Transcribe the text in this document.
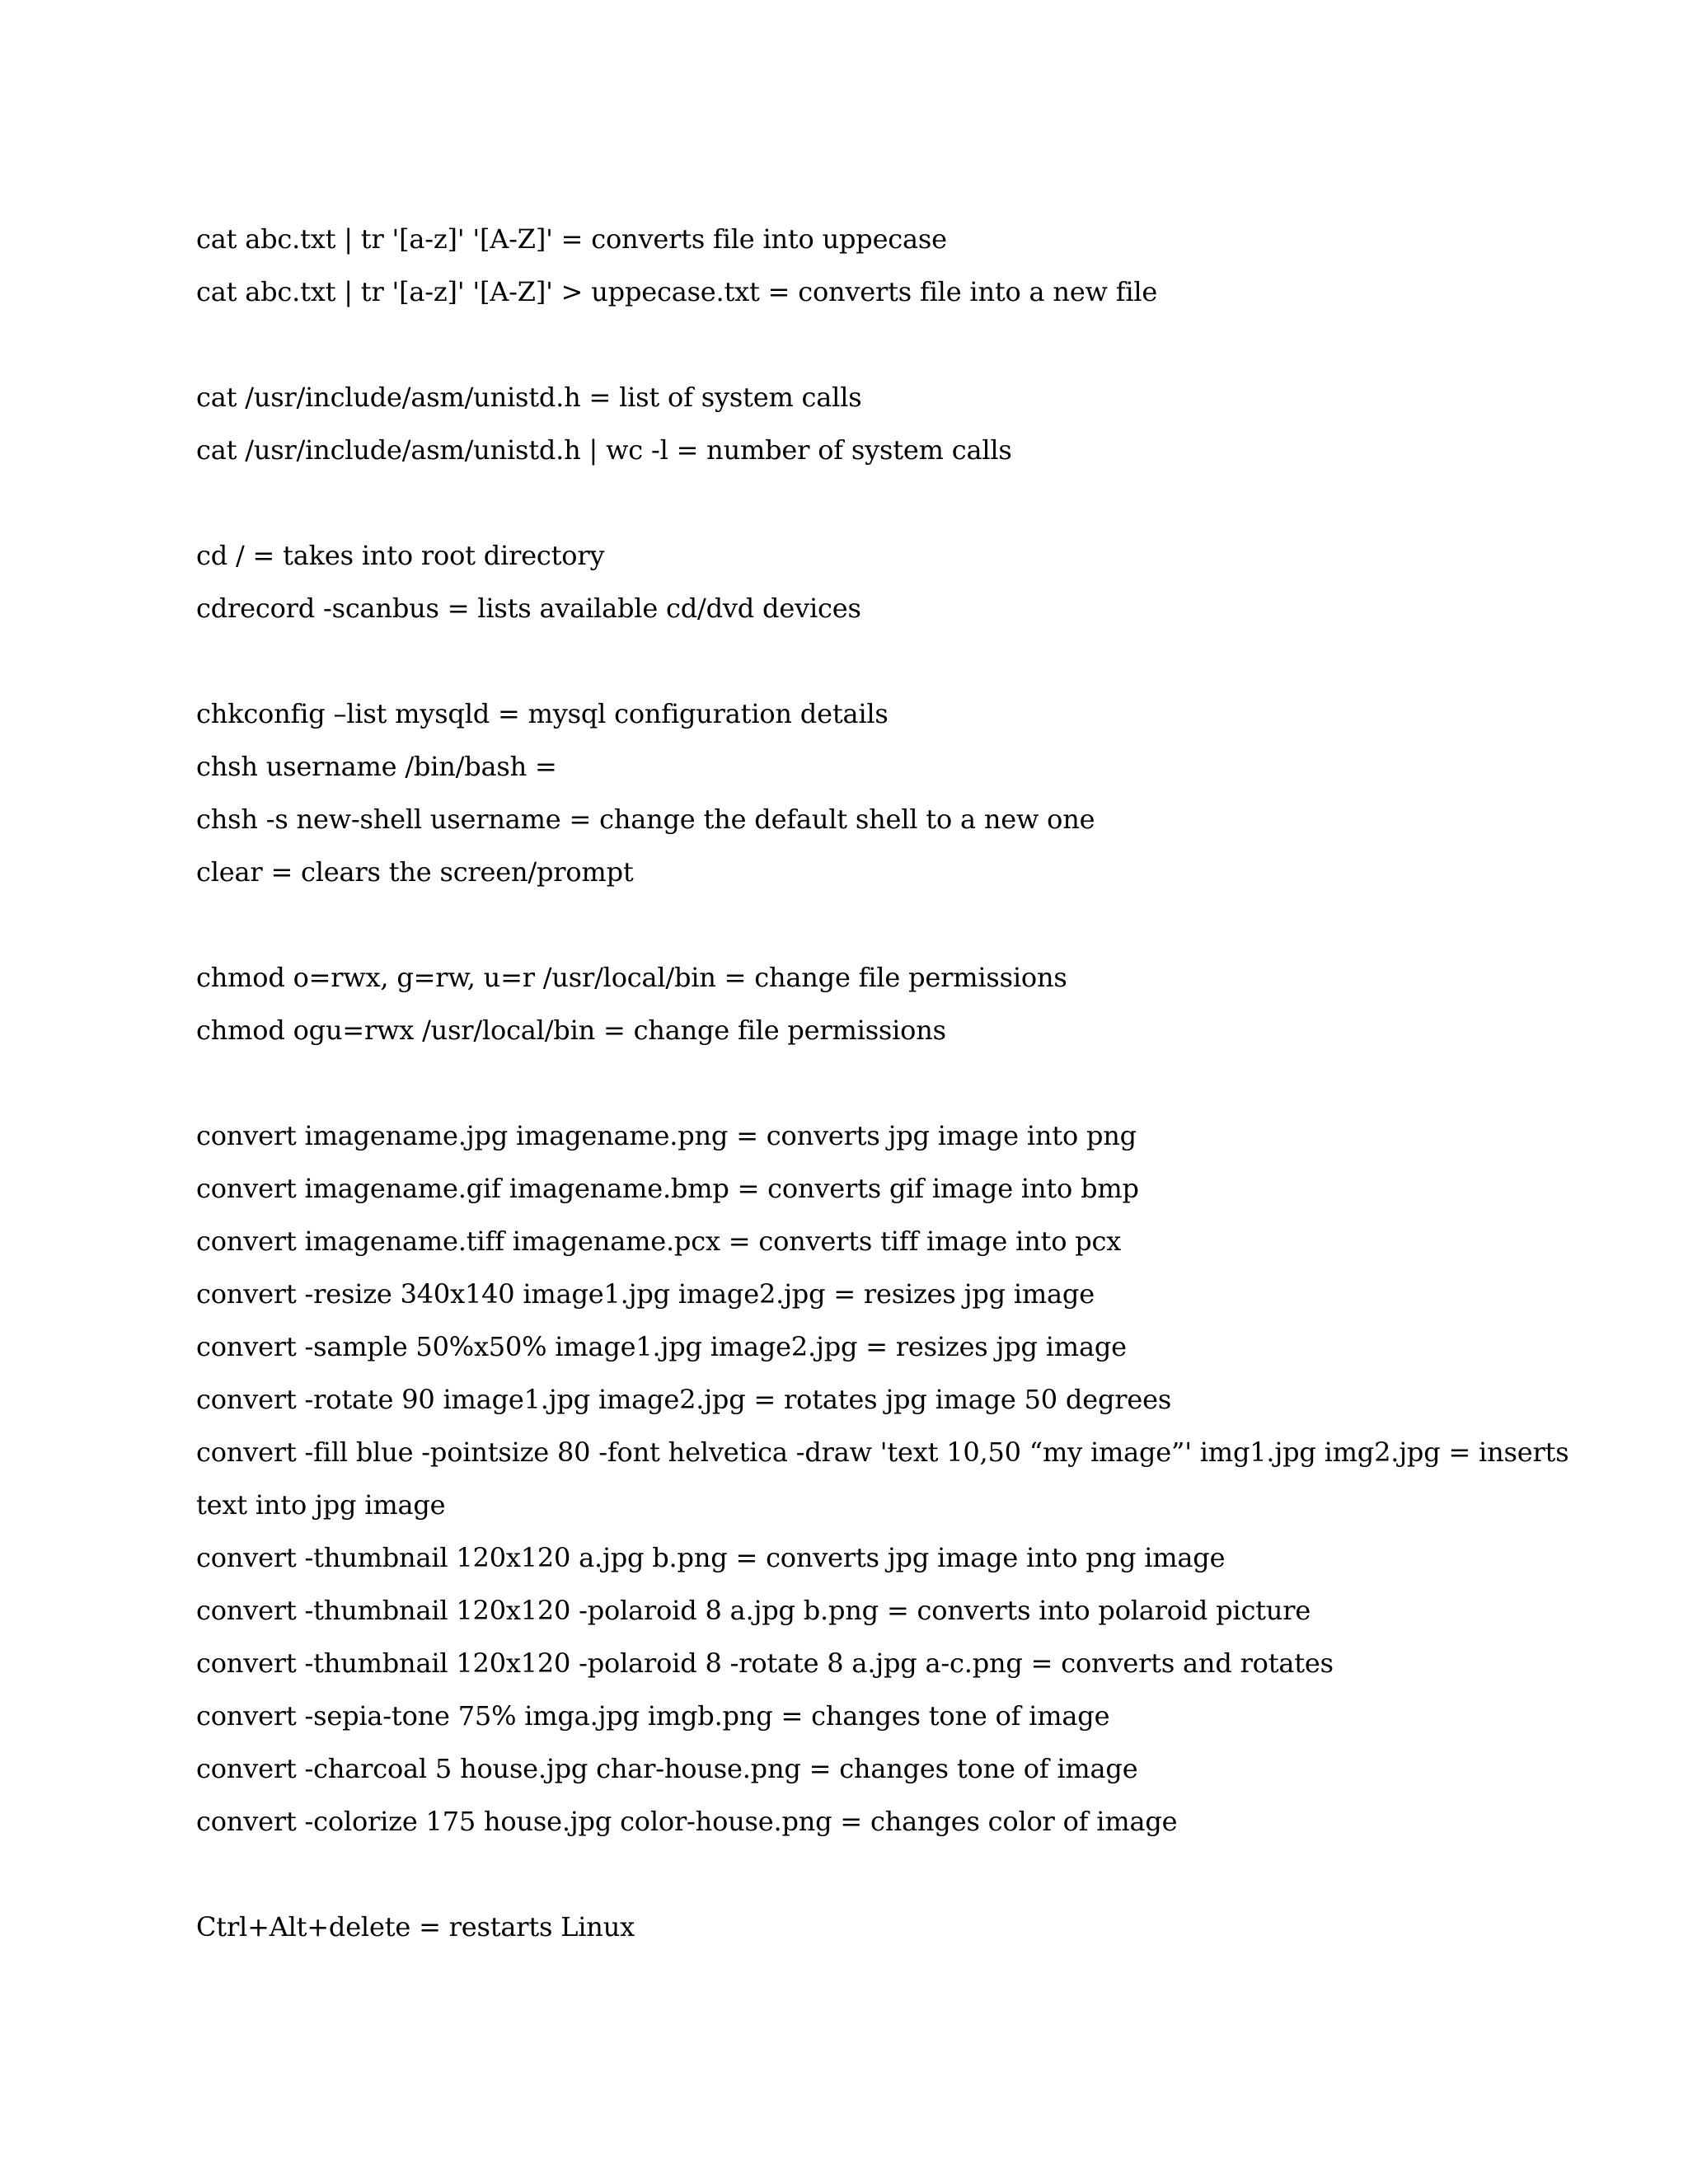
cat abc.txt | tr '[a-z]' '[A-Z]' = converts file into uppecase
cat abc.txt | tr '[a-z]' '[A-Z]' > uppecase.txt = converts file into a new file
cat /usr/include/asm/unistd.h = list of system calls
cat /usr/include/asm/unistd.h | wc -l = number of system calls
cd / = takes into root directory
cdrecord -scanbus = lists available cd/dvd devices
chkconfig –list mysqld = mysql configuration details
chsh username /bin/bash =
chsh -s new-shell username = change the default shell to a new one
clear = clears the screen/prompt
chmod o=rwx, g=rw, u=r /usr/local/bin = change file permissions
chmod ogu=rwx /usr/local/bin = change file permissions
convert imagename.jpg imagename.png = converts jpg image into png
convert imagename.gif imagename.bmp = converts gif image into bmp
convert imagename.tiff imagename.pcx = converts tiff image into pcx
convert -resize 340x140 image1.jpg image2.jpg = resizes jpg image
convert -sample 50%x50% image1.jpg image2.jpg = resizes jpg image
convert -rotate 90 image1.jpg image2.jpg = rotates jpg image 50 degrees
convert -fill blue -pointsize 80 -font helvetica -draw 'text 10,50 “my image”' img1.jpg img2.jpg = inserts
text into jpg image
convert -thumbnail 120x120 a.jpg b.png = converts jpg image into png image
convert -thumbnail 120x120 -polaroid 8 a.jpg b.png = converts into polaroid picture
convert -thumbnail 120x120 -polaroid 8 -rotate 8 a.jpg a-c.png = converts and rotates
convert -sepia-tone 75% imga.jpg imgb.png = changes tone of image
convert -charcoal 5 house.jpg char-house.png = changes tone of image
convert -colorize 175 house.jpg color-house.png = changes color of image
Ctrl+Alt+delete = restarts Linux
